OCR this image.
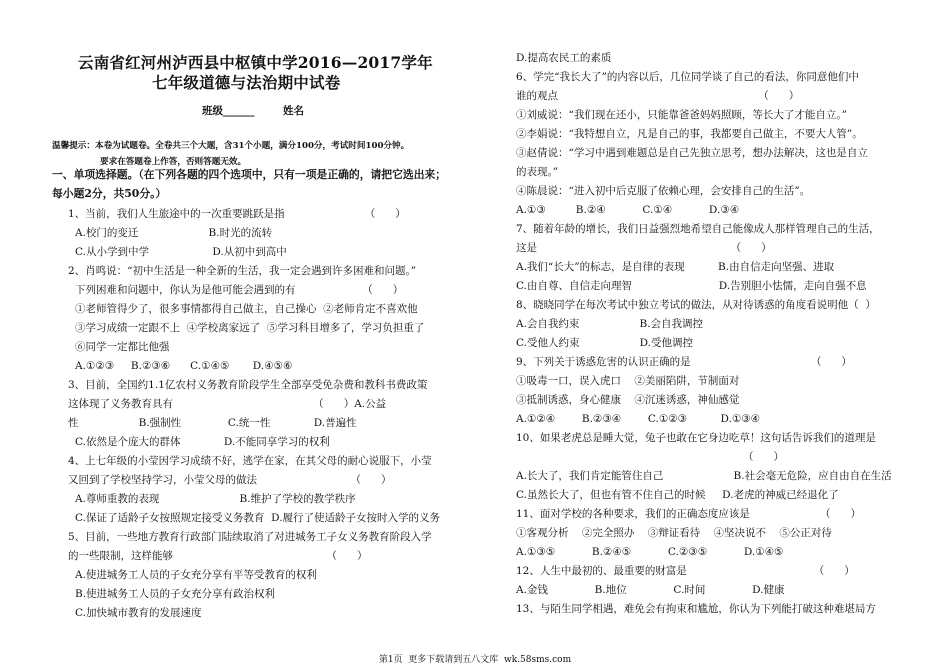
云南省红河州泸西县中枢镇中学2016—2017学年
七年级道德与法治期中试卷
班级______	姓名
温馨提示：本卷为试题卷。全卷共三个大题，含31个小题，满分100分，考试时间100分钟。
要求在答题卷上作答，否则答题无效。
一、单项选择题。（在下列各题的四个选项中，只有一项是正确的，请把它选出来；
每小题2分，共50分。）
1、当前，我们人生旅途中的一次重要跳跃是指                        （      ）
A.校门的变迁                     B.时光的流转
C.从小学到中学                   D.从初中到高中
2、肖鸣说：“初中生活是一种全新的生活，我一定会遇到许多困难和问题。”
下列困难和问题中，你认为是他可能会遇到的有                    （      ）
①老师管得少了，很多事情都得自己做主，自己操心  ②老师肯定不喜欢他
③学习成绩一定跟不上  ④学校离家远了  ⑤学习科目增多了，学习负担重了
⑥同学一定都比他强
A.①②③     B.②③⑥      C.①④⑤       D.④⑤⑥
3、目前，全国约1.1亿农村义务教育阶段学生全部享受免杂费和教科书费政策
这体现了义务教育具有                                          （      ）A.公益
性                  B.强制性              C.统一性             D.普遍性
C.依然是个庞大的群体             D.不能同享学习的权利
4、上七年级的小莹因学习成绩不好，逃学在家，在其父母的耐心说服下，小莹
又回到了学校坚持学习，小莹父母的做法                            （      ）
A.尊师重教的表现                        B.维护了学校的教学秩序
C.保证了适龄子女按照规定接受义务教育  D.履行了使适龄子女按时入学的义务
5、目前，一些地方教育行政部门陆续取消了对进城务工子女义务教育阶段入学
的一些限制，这样能够                                              （      ）
A.使进城务工人员的子女充分享有平等受教育的权利
B.使进城务工人员的子女充分享有政治权利
C.加快城市教育的发展速度
D.提高农民工的素质
6、学完“我长大了”的内容以后，几位同学谈了自己的看法，你同意他们中
谁的观点                                                            （      ）
①刘威说：“我们现在还小，只能靠爸爸妈妈照顾，等长大了才能自立。”
②李娟说：“我特想自立，凡是自己的事，我都要自己做主，不要大人管”。
③赵倩说：“学习中遇到难题总是自己先独立思考，想办法解决，这也是自立
的表现。”
④陈晨说：“进入初中后克服了依赖心理，会安排自己的生活”。
A.①③         B.②④           C.①④           D.③④
7、随着年龄的增长，我们日益强烈地希望自己能像成人那样管理自己的生活，
这是                                                          （      ）
A.我们“长大”的标志，是自律的表现          B.由自信走向坚强、进取
C.由自尊、自信走向理智                          D.告别胆小怯懦，走向自强不息
8、晓晓同学在每次考试中独立考试的做法，从对待诱惑的角度看说明他（  ）
A.会自我约束                  B.会自我调控
C.受他人约束                  D.受他调控
9、下列关于诱惑危害的认识正确的是                                    （      ）
①吸毒一口，误入虎口    ②美丽陷阱，节制面对
③抵制诱惑，身心健康    ④沉迷诱惑，神仙感觉
A.①②④        B.②③④        C.①②③          D.①③④
10、如果老虎总是睡大觉，兔子也敢在它身边吃草！这句话告诉我们的道理是
（      ）
A.长大了，我们肯定能管住自己                     B.社会毫无危险，应自由自在生活
C.虽然长大了，但也有管不住自己的时候     D.老虎的神威已经退化了
11、面对学校的各种要求，我们的正确态度应该是                     （      ）
①客观分析    ②完全照办    ③辩证看待    ④坚决说不    ⑤公正对待
A.①③⑤           B.②④⑤           C.②③⑤           D.①④⑤
12、人生中最初的、最重要的财富是                                      （      ）
A.金钱              B.地位              C.时间              D.健康
13、与陌生同学相遇，难免会有拘束和尴尬，你认为下列能打破这种难堪局方
第1页  更多下载请到五八文库  wk.58sms.com
